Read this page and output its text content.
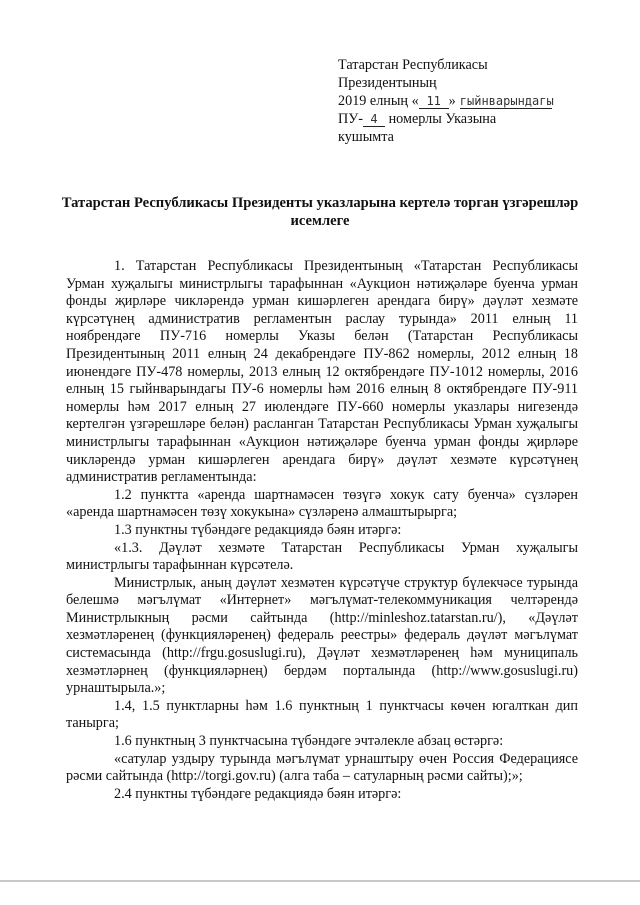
Татарстан Республикасы
Президентының
2019 елның « 11 » гыйнварындагы
ПУ- 4 номерлы Указына
кушымта
Татарстан Республикасы Президенты указларына кертелә торган үзгәрешләр исемлеге

1. Татарстан Республикасы Президентының «Татарстан Республикасы Урман хуҗалыгы министрлыгы тарафыннан «Аукцион нәтиҗәләре буенча урман фонды җирләре чикләрендә урман кишәрлеген арендага бирү» дәүләт хезмәте күрсәтүнең административ регламентын раслау турында» 2011 елның 11 ноябрендәге ПУ-716 номерлы Указы белән (Татарстан Республикасы Президентының 2011 елның 24 декабрендәге ПУ-862 номерлы, 2012 елның 18 июнендәге ПУ-478 номерлы, 2013 елның 12 октябрендәге ПУ-1012 номерлы, 2016 елның 15 гыйнварындагы ПУ-6 номерлы һәм 2016 елның 8 октябрендәге ПУ-911 номерлы һәм 2017 елның 27 июлендәге ПУ-660 номерлы указлары нигезендә кертелгән үзгәрешләре белән) расланган Татарстан Республикасы Урман хуҗалыгы министрлыгы тарафыннан «Аукцион нәтиҗәләре буенча урман фонды җирләре чикләрендә урман кишәрлеген арендага бирү» дәүләт хезмәте күрсәтүнең административ регламентында:

1.2 пунктта «аренда шартнамәсен төзүгә хокук сату буенча» сүзләрен «аренда шартнамәсен төзү хокукына» сүзләренә алмаштырырга;

1.3 пунктны түбәндәге редакциядә бәян итәргә:

«1.3. Дәүләт хезмәте Татарстан Республикасы Урман хуҗалыгы министрлыгы тарафыннан күрсәтелә.

Министрлык, аның дәүләт хезмәтен күрсәтүче структур бүлекчәсе турында белешмә мәгълүмат «Интернет» мәгълүмат-телекоммуникация челтәрендә Министрлыкның рәсми сайтында (http://minleshoz.tatarstan.ru/), «Дәүләт хезмәтләренең (функцияләренең) федераль реестры» федераль дәүләт мәгълүмат системасында (http://frgu.gosuslugi.ru), Дәүләт хезмәтләренең һәм муниципаль хезмәтләрнең (функцияләрнең) бердәм порталында (http://www.gosuslugi.ru) урнаштырыла.»;

1.4, 1.5 пунктларны һәм 1.6 пунктның 1 пунктчасы көчен югалткан дип танырга;

1.6 пунктның 3 пунктчасына түбәндәге эчтәлекле абзац өстәргә:

«сатулар уздыру турында мәгълүмат урнаштыру өчен Россия Федерациясе рәсми сайтында (http://torgi.gov.ru) (алга таба – сатуларның рәсми сайты);»;

2.4 пунктны түбәндәге редакциядә бәян итәргә:
